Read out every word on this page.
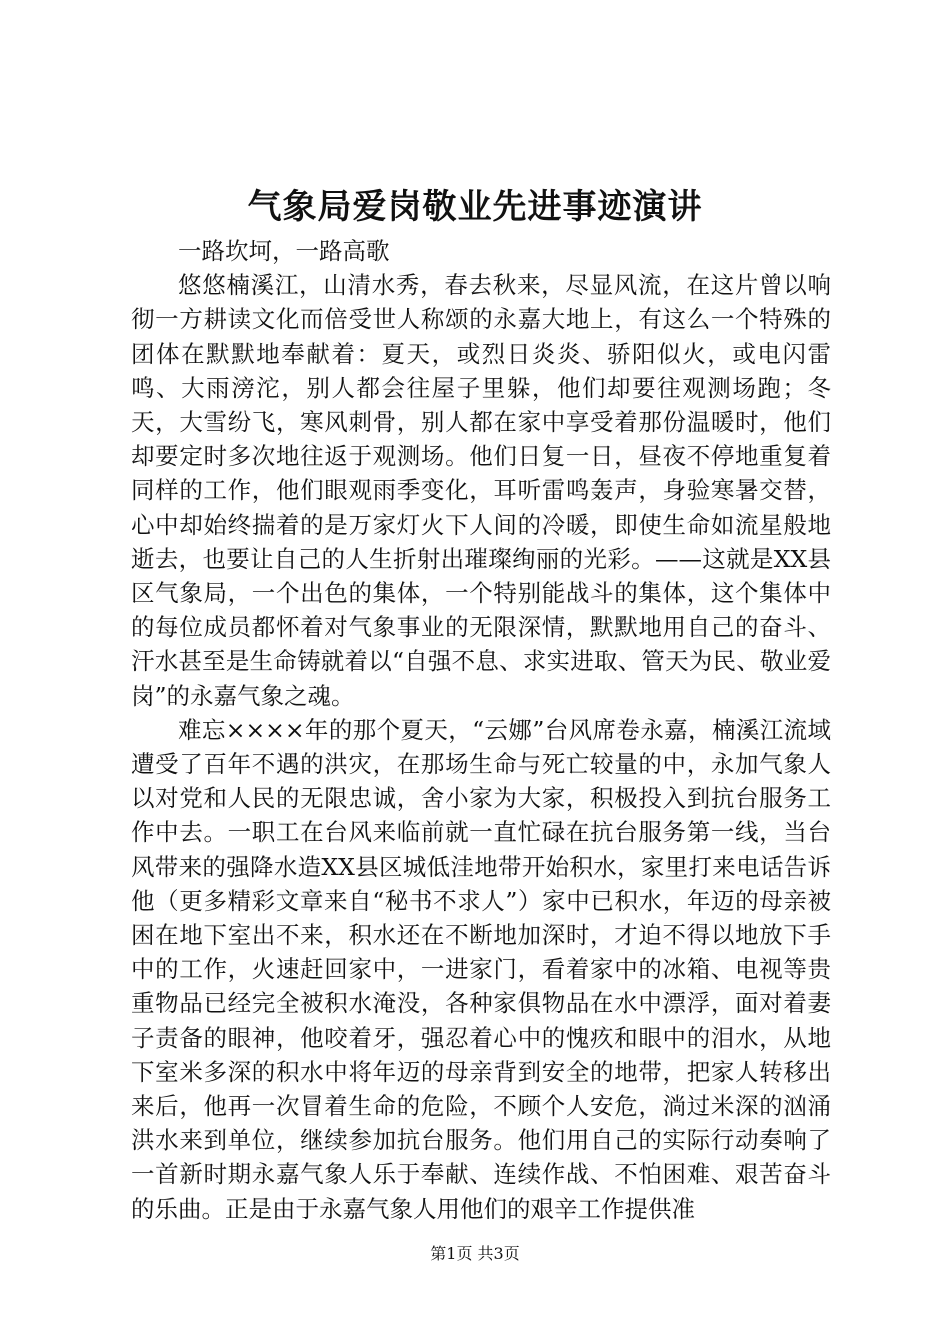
气象局爱岗敬业先进事迹演讲

一路坎坷，一路高歌

悠悠楠溪江，山清水秀，春去秋来，尽显风流，在这片曾以响彻一方耕读文化而倍受世人称颂的永嘉大地上，有这么一个特殊的团体在默默地奉献着：夏天，或烈日炎炎、骄阳似火，或电闪雷鸣、大雨滂沱，别人都会往屋子里躲，他们却要往观测场跑；冬天，大雪纷飞，寒风刺骨，别人都在家中享受着那份温暖时，他们却要定时多次地往返于观测场。他们日复一日，昼夜不停地重复着同样的工作，他们眼观雨季变化，耳听雷鸣轰声，身验寒暑交替，心中却始终揣着的是万家灯火下人间的冷暖，即使生命如流星般地逝去，也要让自己的人生折射出璀璨绚丽的光彩。——这就是XX县区气象局，一个出色的集体，一个特别能战斗的集体，这个集体中的每位成员都怀着对气象事业的无限深情，默默地用自己的奋斗、汗水甚至是生命铸就着以“自强不息、求实进取、管天为民、敬业爱岗”的永嘉气象之魂。

难忘××××年的那个夏天，“云娜”台风席卷永嘉，楠溪江流域遭受了百年不遇的洪灾，在那场生命与死亡较量的中，永加气象人以对党和人民的无限忠诚，舍小家为大家，积极投入到抗台服务工作中去。一职工在台风来临前就一直忙碌在抗台服务第一线，当台风带来的强降水造XX县区城低洼地带开始积水，家里打来电话告诉他（更多精彩文章来自“秘书不求人”）家中已积水，年迈的母亲被困在地下室出不来，积水还在不断地加深时，才迫不得以地放下手中的工作，火速赶回家中，一进家门，看着家中的冰箱、电视等贵重物品已经完全被积水淹没，各种家俱物品在水中漂浮，面对着妻子责备的眼神，他咬着牙，强忍着心中的愧疚和眼中的泪水，从地下室米多深的积水中将年迈的母亲背到安全的地带，把家人转移出来后，他再一次冒着生命的危险，不顾个人安危，淌过米深的汹涌洪水来到单位，继续参加抗台服务。他们用自己的实际行动奏响了一首新时期永嘉气象人乐于奉献、连续作战、不怕困难、艰苦奋斗的乐曲。正是由于永嘉气象人用他们的艰辛工作提供准

第1页 共3页
